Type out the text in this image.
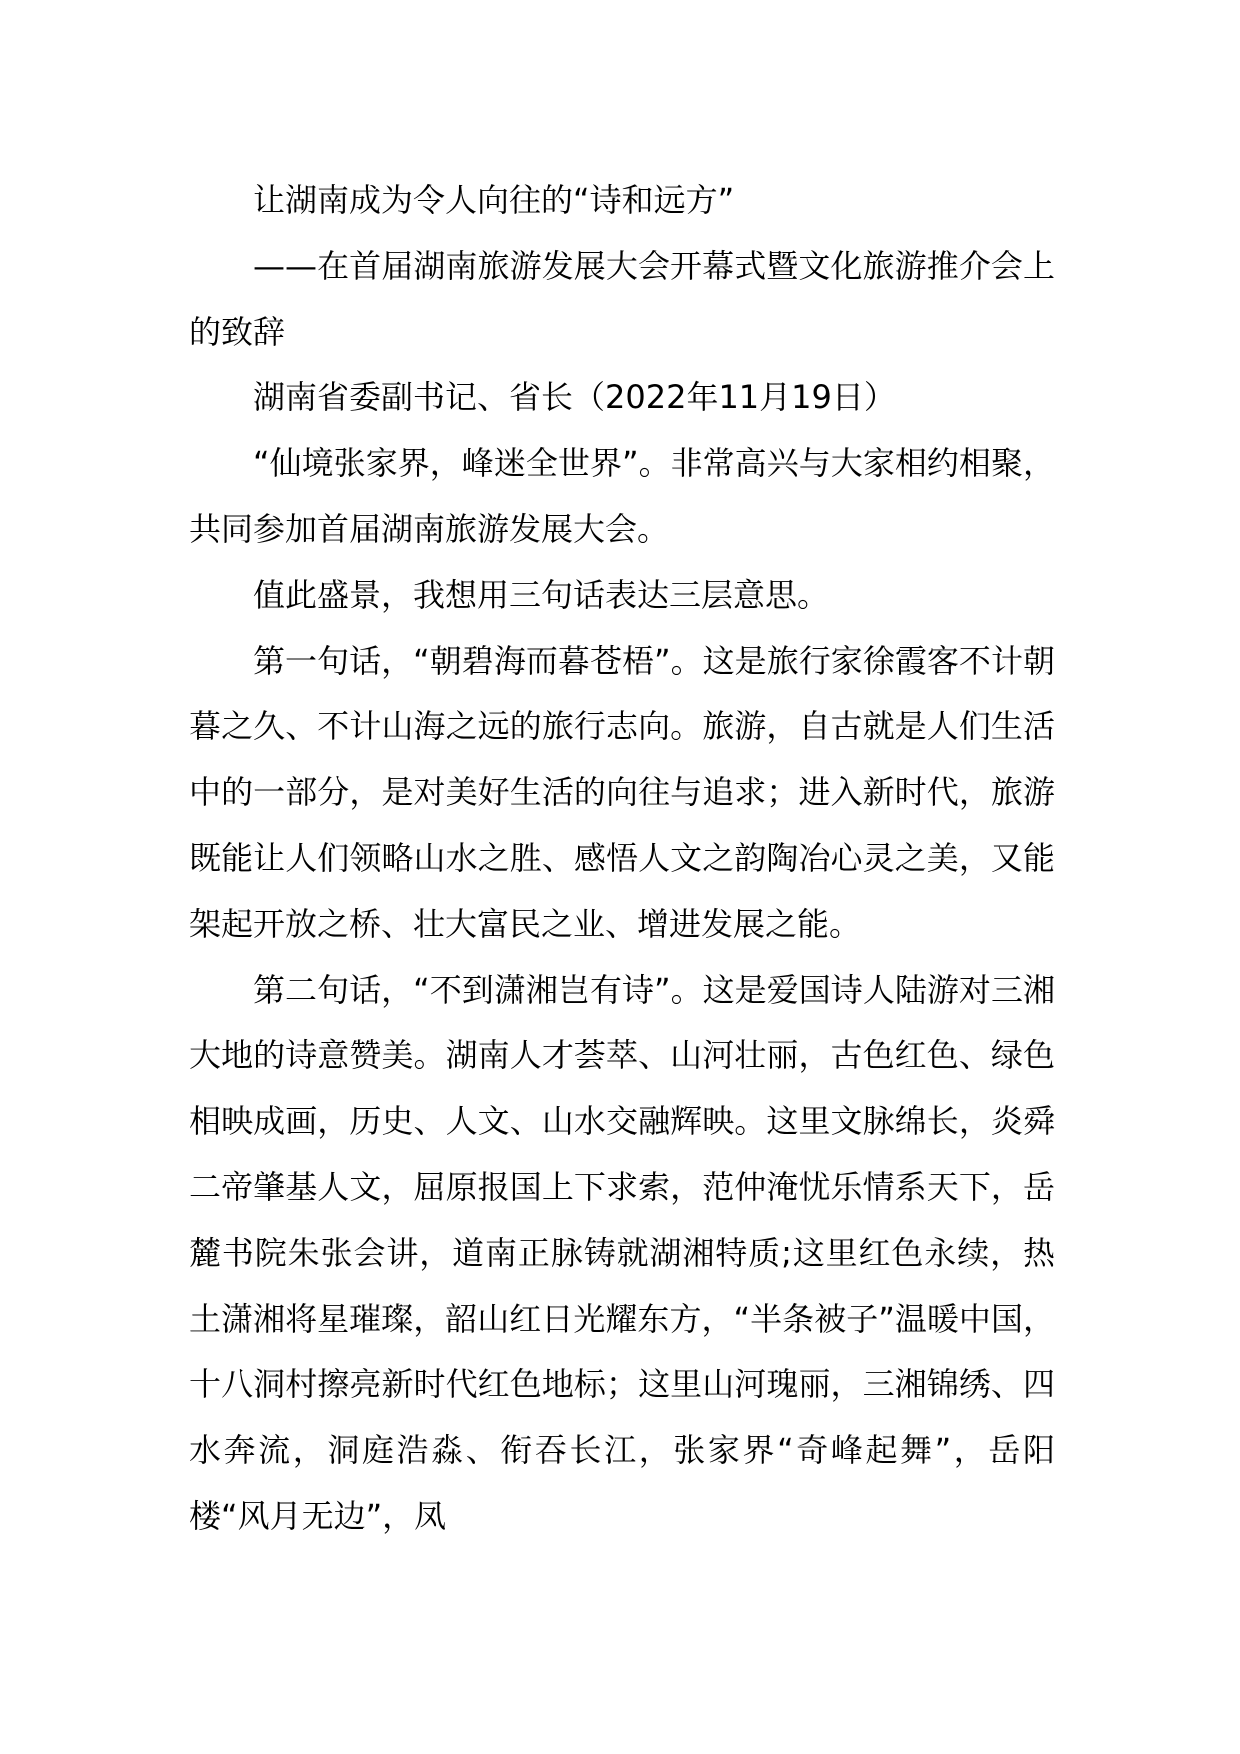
让湖南成为令人向往的“诗和远方”

——在首届湖南旅游发展大会开幕式暨文化旅游推介会上的致辞

湖南省委副书记、省长（2022年11月19日）

“仙境张家界，峰迷全世界”。非常高兴与大家相约相聚，共同参加首届湖南旅游发展大会。

值此盛景，我想用三句话表达三层意思。

第一句话，“朝碧海而暮苍梧”。这是旅行家徐霞客不计朝暮之久、不计山海之远的旅行志向。旅游，自古就是人们生活中的一部分，是对美好生活的向往与追求；进入新时代，旅游既能让人们领略山水之胜、感悟人文之韵陶冶心灵之美，又能架起开放之桥、壮大富民之业、增进发展之能。

第二句话，“不到潇湘岂有诗”。这是爱国诗人陆游对三湘大地的诗意赞美。湖南人才荟萃、山河壮丽，古色红色、绿色相映成画，历史、人文、山水交融辉映。这里文脉绵长，炎舜二帝肇基人文，屈原报国上下求索，范仲淹忧乐情系天下，岳麓书院朱张会讲，道南正脉铸就湖湘特质;这里红色永续，热土潇湘将星璀璨，韶山红日光耀东方，“半条被子”温暖中国，十八洞村擦亮新时代红色地标；这里山河瑰丽，三湘锦绣、四水奔流，洞庭浩淼、衔吞长江，张家界“奇峰起舞”，岳阳楼“风月无边”，凤
